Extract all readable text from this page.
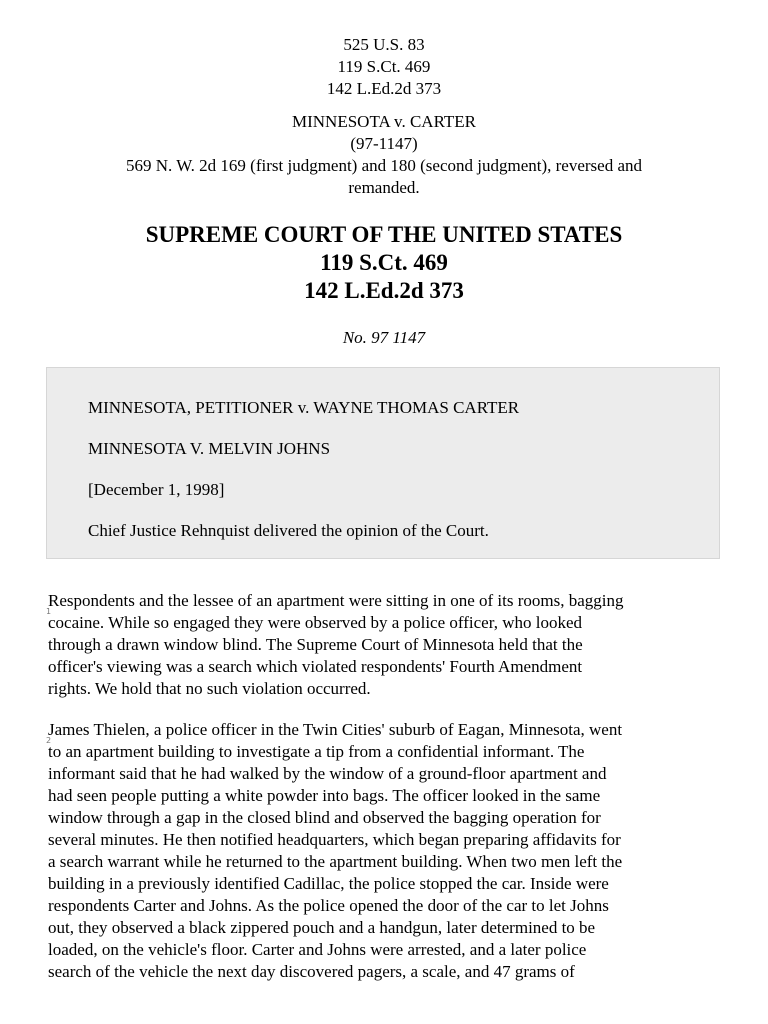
525 U.S. 83
119 S.Ct. 469
142 L.Ed.2d 373
MINNESOTA v. CARTER
(97-1147)
569 N. W. 2d 169 (first judgment) and 180 (second judgment), reversed and
remanded.
SUPREME COURT OF THE UNITED STATES
119 S.Ct. 469
142 L.Ed.2d 373
No. 97 1147

MINNESOTA, PETITIONER v. WAYNE THOMAS CARTER

MINNESOTA V. MELVIN JOHNS

[December 1, 1998]

Chief Justice Rehnquist delivered the opinion of the Court.

1
Respondents and the lessee of an apartment were sitting in one of its rooms, bagging
cocaine. While so engaged they were observed by a police officer, who looked
through a drawn window blind. The Supreme Court of Minnesota held that the
officer's viewing was a search which violated respondents' Fourth Amendment
rights. We hold that no such violation occurred.
2
James Thielen, a police officer in the Twin Cities' suburb of Eagan, Minnesota, went
to an apartment building to investigate a tip from a confidential informant. The
informant said that he had walked by the window of a ground-floor apartment and
had seen people putting a white powder into bags. The officer looked in the same
window through a gap in the closed blind and observed the bagging operation for
several minutes. He then notified headquarters, which began preparing affidavits for
a search warrant while he returned to the apartment building. When two men left the
building in a previously identified Cadillac, the police stopped the car. Inside were
respondents Carter and Johns. As the police opened the door of the car to let Johns
out, they observed a black zippered pouch and a handgun, later determined to be
loaded, on the vehicle's floor. Carter and Johns were arrested, and a later police
search of the vehicle the next day discovered pagers, a scale, and 47 grams of
